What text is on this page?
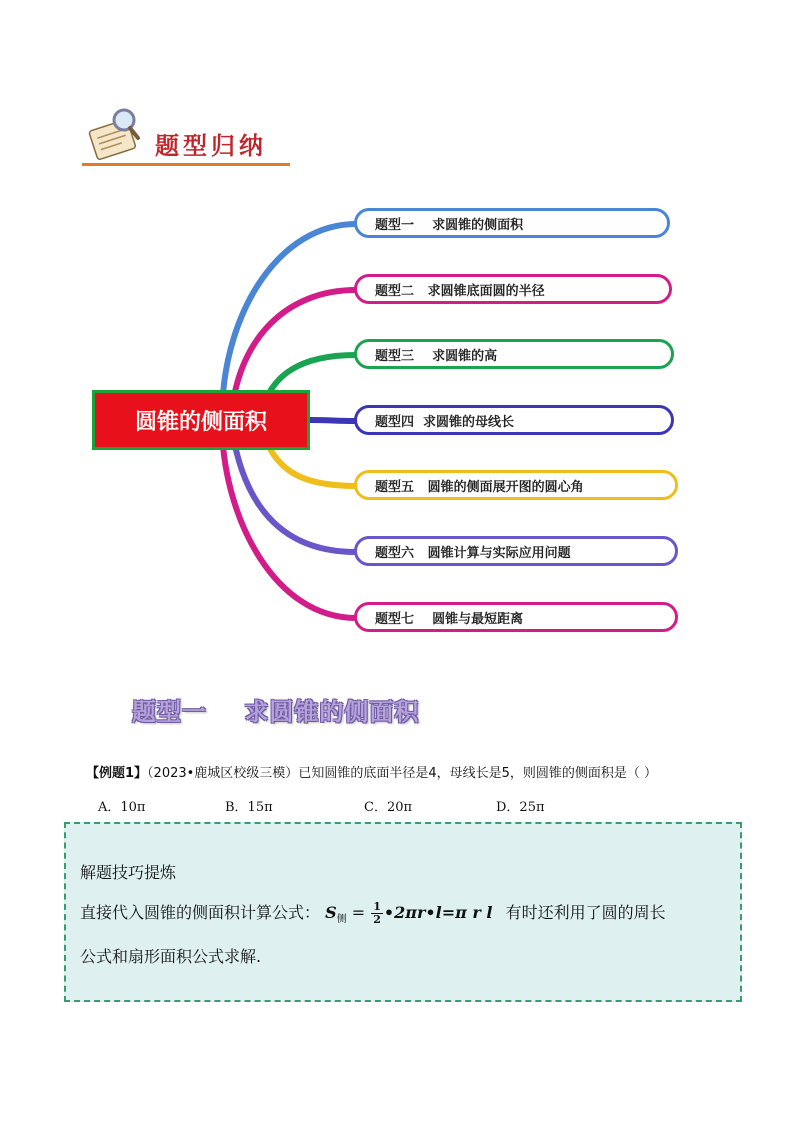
题型归纳
圆锥的侧面积
题型一    求圆锥的侧面积
题型二   求圆锥底面圆的半径
题型三    求圆锥的高
题型四  求圆锥的母线长
题型五   圆锥的侧面展开图的圆心角
题型六   圆锥计算与实际应用问题
题型七    圆锥与最短距离
题型一    求圆锥的侧面积
【例题1】（2023•鹿城区校级三模）已知圆锥的底面半径是4，母线长是5，则圆锥的侧面积是（ ）
A．10π	B．15π	C．20π	D．25π
解题技巧提炼
直接代入圆锥的侧面积计算公式： $S_侧 = \frac{1}{2}$ •2πr•l=π r l 有时还利用了圆的周长
公式和扇形面积公式求解.
